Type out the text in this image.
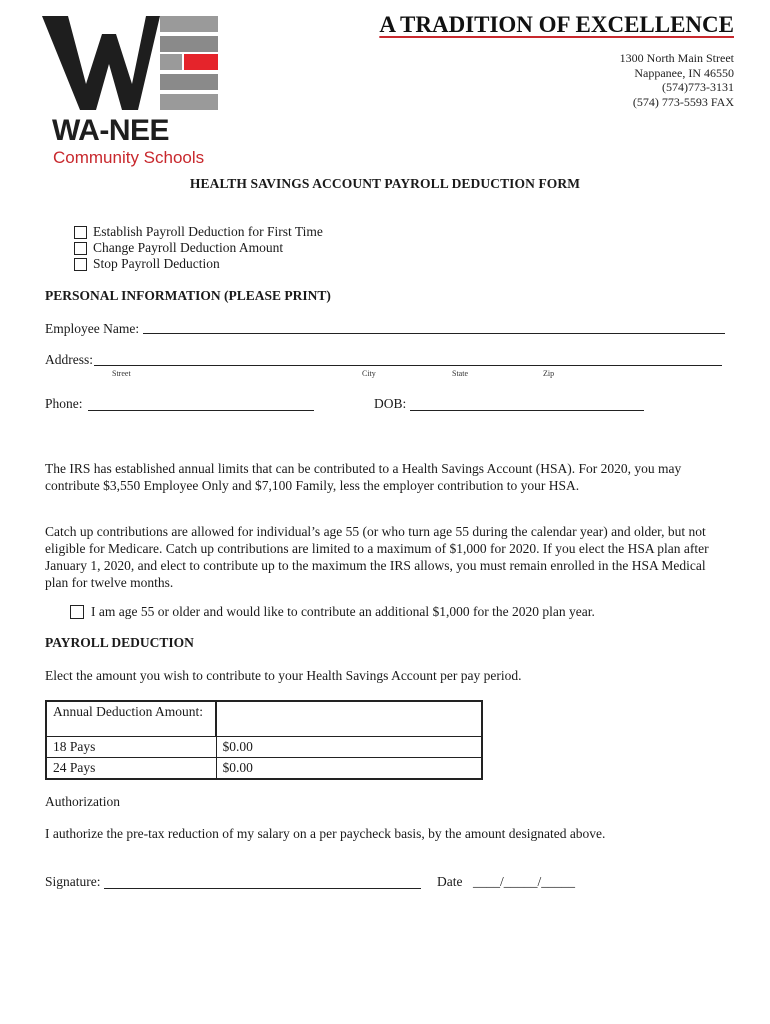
WA-NEE
Community Schools
A TRADITION OF EXCELLENCE
1300 North Main Street
Nappanee, IN 46550
(574)773-3131
(574) 773-5593 FAX
HEALTH SAVINGS ACCOUNT PAYROLL DEDUCTION FORM
Establish Payroll Deduction for First Time
Change Payroll Deduction Amount
Stop Payroll Deduction
PERSONAL INFORMATION (PLEASE PRINT)
Employee Name:
Address:
Street	City	State	Zip
Phone:	DOB:
The IRS has established annual limits that can be contributed to a Health Savings Account (HSA). For 2020, you may contribute $3,550 Employee Only and $7,100 Family, less the employer contribution to your HSA.
Catch up contributions are allowed for individual’s age 55 (or who turn age 55 during the calendar year) and older, but not eligible for Medicare. Catch up contributions are limited to a maximum of $1,000 for 2020. If you elect the HSA plan after January 1, 2020, and elect to contribute up to the maximum the IRS allows, you must remain enrolled in the HSA Medical plan for twelve months.
I am age 55 or older and would like to contribute an additional $1,000 for the 2020 plan year.
PAYROLL DEDUCTION
Elect the amount you wish to contribute to your Health Savings Account per pay period.
Annual Deduction Amount:	
18 Pays	$0.00
24 Pays	$0.00
Authorization
I authorize the pre-tax reduction of my salary on a per paycheck basis, by the amount designated above.
Signature:	Date ____/_____/_____
